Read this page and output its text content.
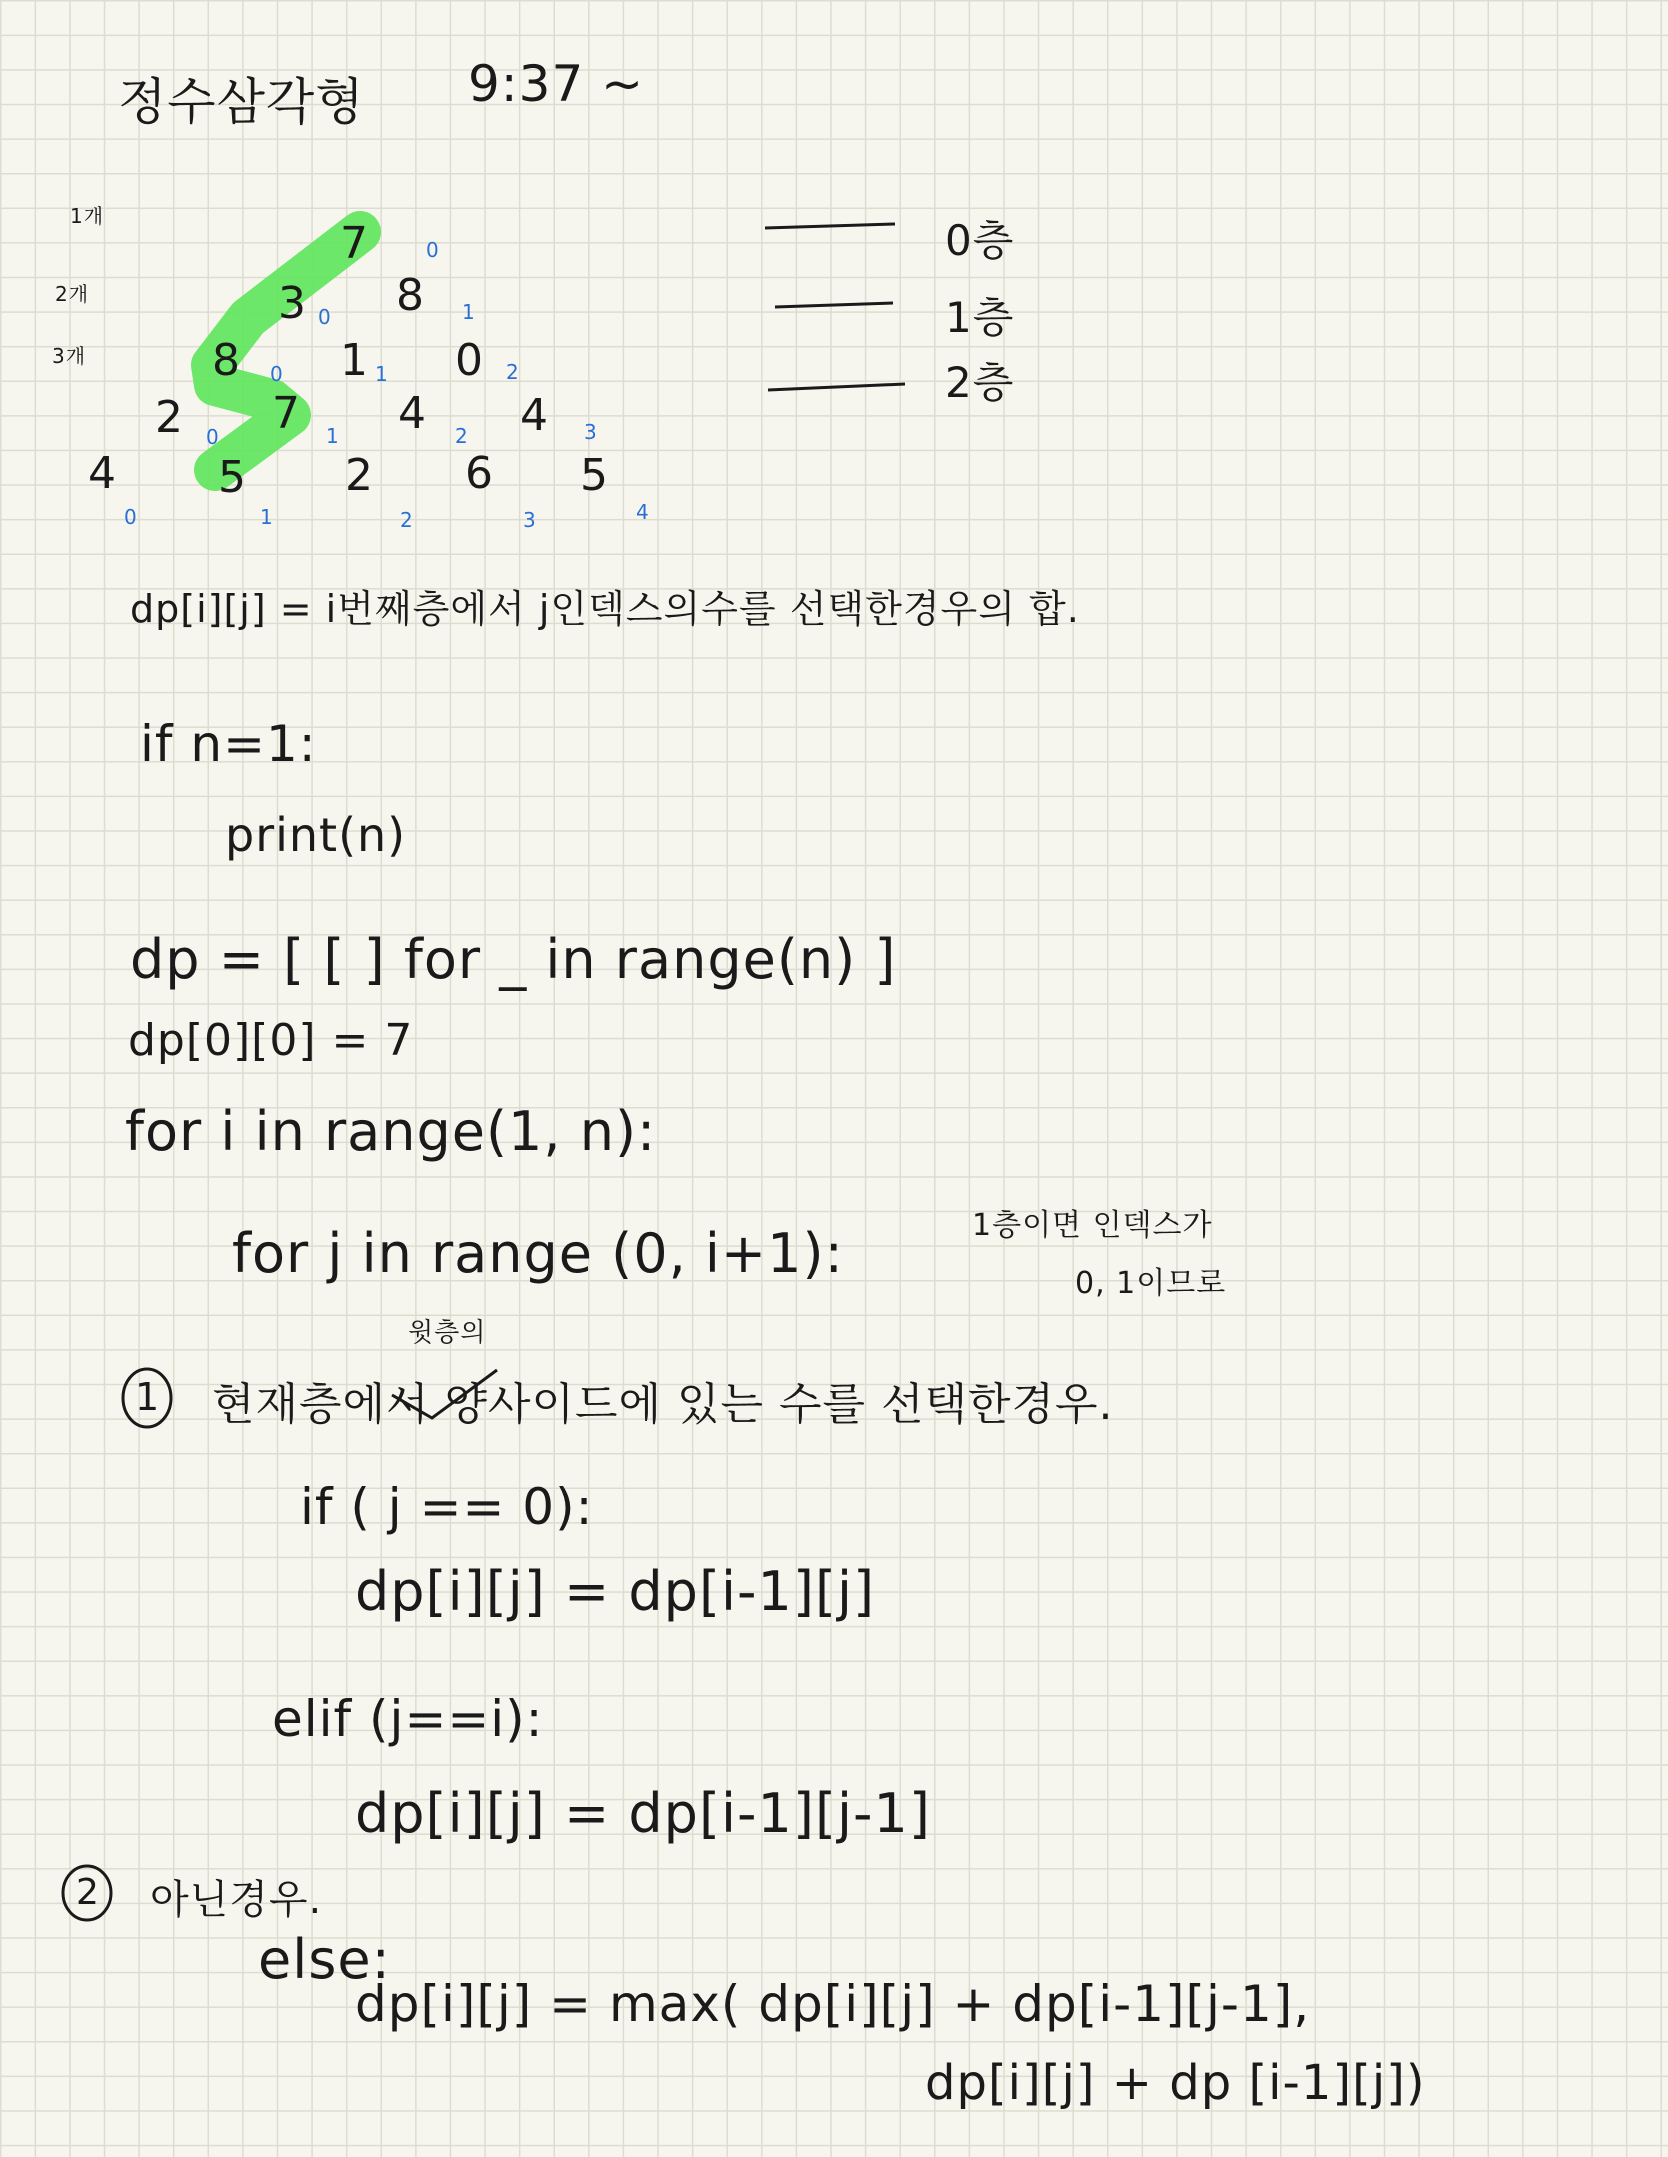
정수삼각형 9:37 ~
1개
2개
3개
7
3 8
8 1 0
2 7 4 4
4 5 2 6 5
0
0	1
0	1	2
0	1	2	3
0	1	2	3	4
0층
1층
2층
dp[i][j] = i번째층에서 j인덱스의수를 선택한경우의 합.
if n=1:
print(n)
dp = [ [ ] for _ in range(n) ]
dp[0][0] = 7
for i in range(1, n):
for j in range (0, i+1):	1층이면 인덱스가
0, 1이므로
윗층의
1 현재층에서 양사이드에 있는 수를 선택한경우.
if ( j == 0):
dp[i][j] = dp[i-1][j]
elif (j==i):
dp[i][j] = dp[i-1][j-1]
2 아닌경우.
else:
dp[i][j] = max( dp[i][j] + dp[i-1][j-1],
dp[i][j] + dp [i-1][j])
